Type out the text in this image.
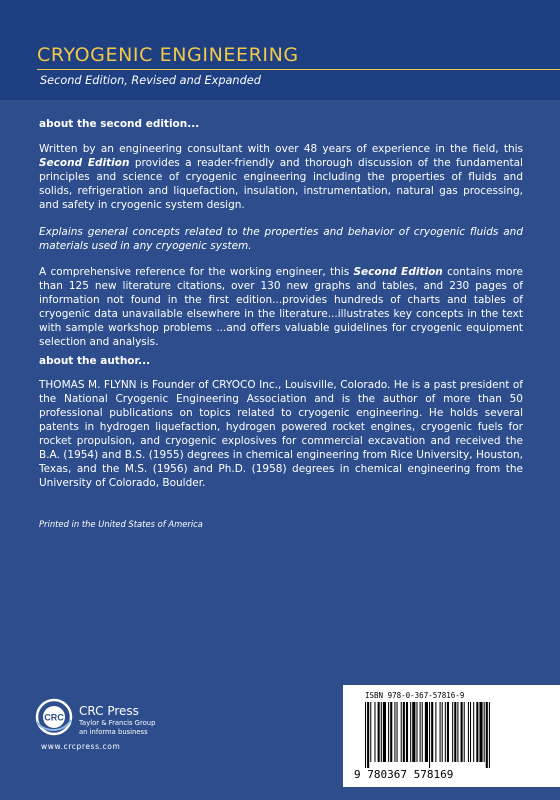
CRYOGENIC ENGINEERING
Second Edition, Revised and Expanded
about the second edition...

Written by an engineering consultant with over 48 years of experience in the field, this Second Edition provides a reader-friendly and thorough discussion of the fundamental principles and science of cryogenic engineering including the properties of fluids and solids, refrigeration and liquefaction, insulation, instrumentation, natural gas processing, and safety in cryogenic system design.

Explains general concepts related to the properties and behavior of cryogenic fluids and materials used in any cryogenic system.

A comprehensive reference for the working engineer, this Second Edition contains more than 125 new literature citations, over 130 new graphs and tables, and 230 pages of information not found in the first edition...provides hundreds of charts and tables of cryogenic data unavailable elsewhere in the literature...illustrates key concepts in the text with sample workshop problems ...and offers valuable guidelines for cryogenic equipment selection and analysis.

about the author...

THOMAS M. FLYNN is Founder of CRYOCO Inc., Louisville, Colorado. He is a past president of the National Cryogenic Engineering Association and is the author of more than 50 professional publications on topics related to cryogenic engineering. He holds several patents in hydrogen liquefaction, hydrogen powered rocket engines, cryogenic fuels for rocket propulsion, and cryogenic explosives for commercial excavation and received the B.A. (1954) and B.S. (1955) degrees in chemical engineering from Rice University, Houston, Texas, and the M.S. (1956) and Ph.D. (1958) degrees in chemical engineering from the University of Colorado, Boulder.

Printed in the United States of America
CRC CRC Press
Taylor & Francis Group
an informa business
www.crcpress.com
ISBN 978-0-367-57816-9
9 780367 578169
